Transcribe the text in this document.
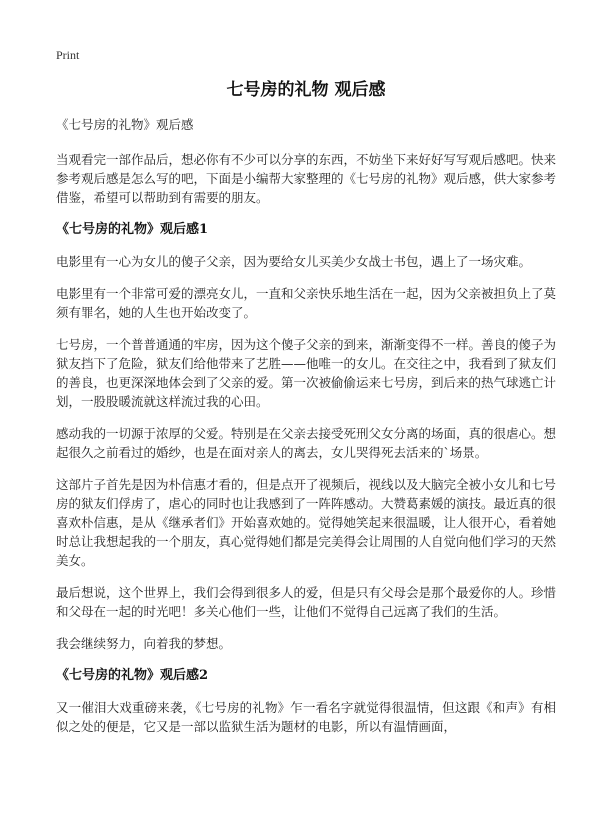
Print
七号房的礼物 观后感
《七号房的礼物》观后感

当观看完一部作品后，想必你有不少可以分享的东西，不妨坐下来好好写写观后感吧。快来参考观后感是怎么写的吧，下面是小编帮大家整理的《七号房的礼物》观后感，供大家参考借鉴，希望可以帮助到有需要的朋友。

《七号房的礼物》观后感1

电影里有一心为女儿的傻子父亲，因为要给女儿买美少女战士书包，遇上了一场灾难。

电影里有一个非常可爱的漂亮女儿，一直和父亲快乐地生活在一起，因为父亲被担负上了莫须有罪名，她的人生也开始改变了。

七号房，一个普普通通的牢房，因为这个傻子父亲的到来，渐渐变得不一样。善良的傻子为狱友挡下了危险，狱友们给他带来了艺胜——他唯一的女儿。在交往之中，我看到了狱友们的善良，也更深深地体会到了父亲的爱。第一次被偷偷运来七号房，到后来的热气球逃亡计划，一股股暖流就这样流过我的心田。

感动我的一切源于浓厚的父爱。特别是在父亲去接受死刑父女分离的场面，真的很虐心。想起很久之前看过的婚纱，也是在面对亲人的离去，女儿哭得死去活来的`场景。

这部片子首先是因为朴信惠才看的，但是点开了视频后，视线以及大脑完全被小女儿和七号房的狱友们俘虏了，虐心的同时也让我感到了一阵阵感动。大赞葛素媛的演技。最近真的很喜欢朴信惠，是从《继承者们》开始喜欢她的。觉得她笑起来很温暖，让人很开心，看着她时总让我想起我的一个朋友，真心觉得她们都是完美得会让周围的人自觉向他们学习的天然美女。

最后想说，这个世界上，我们会得到很多人的爱，但是只有父母会是那个最爱你的人。珍惜和父母在一起的时光吧！多关心他们一些，让他们不觉得自己远离了我们的生活。

我会继续努力，向着我的梦想。

《七号房的礼物》观后感2

又一催泪大戏重磅来袭，《七号房的礼物》乍一看名字就觉得很温情，但这跟《和声》有相似之处的便是，它又是一部以监狱生活为题材的电影，所以有温情画面，
